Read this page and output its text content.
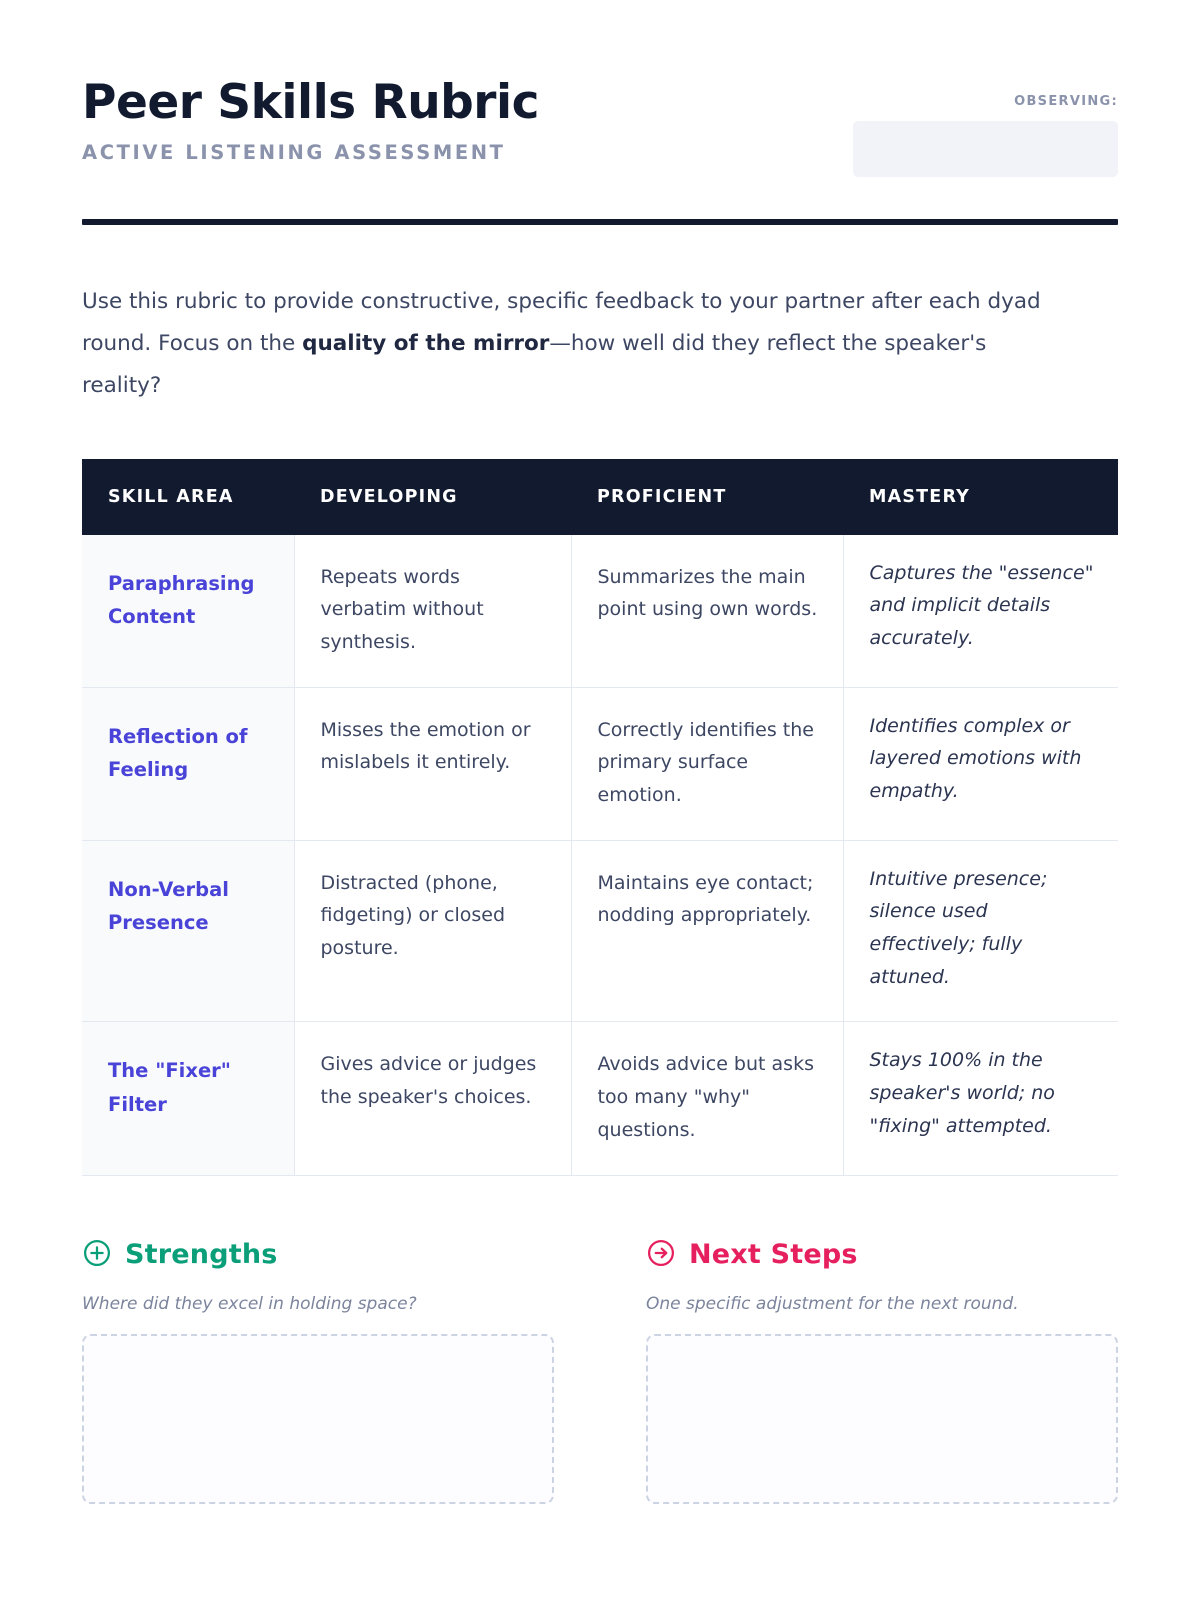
Peer Skills Rubric
ACTIVE LISTENING ASSESSMENT
OBSERVING:

Use this rubric to provide constructive, specific feedback to your partner after each dyad round. Focus on the quality of the mirror—how well did they reflect the speaker's reality?

SKILL AREA	DEVELOPING	PROFICIENT	MASTERY
Paraphrasing Content	Repeats words verbatim without synthesis.	Summarizes the main point using own words.	Captures the "essence" and implicit details accurately.
Reflection of Feeling	Misses the emotion or mislabels it entirely.	Correctly identifies the primary surface emotion.	Identifies complex or layered emotions with empathy.
Non-Verbal Presence	Distracted (phone, fidgeting) or closed posture.	Maintains eye contact; nodding appropriately.	Intuitive presence; silence used effectively; fully attuned.
The "Fixer" Filter	Gives advice or judges the speaker's choices.	Avoids advice but asks too many "why" questions.	Stays 100% in the speaker's world; no "fixing" attempted.
Strengths
Where did they excel in holding space?
Next Steps
One specific adjustment for the next round.
